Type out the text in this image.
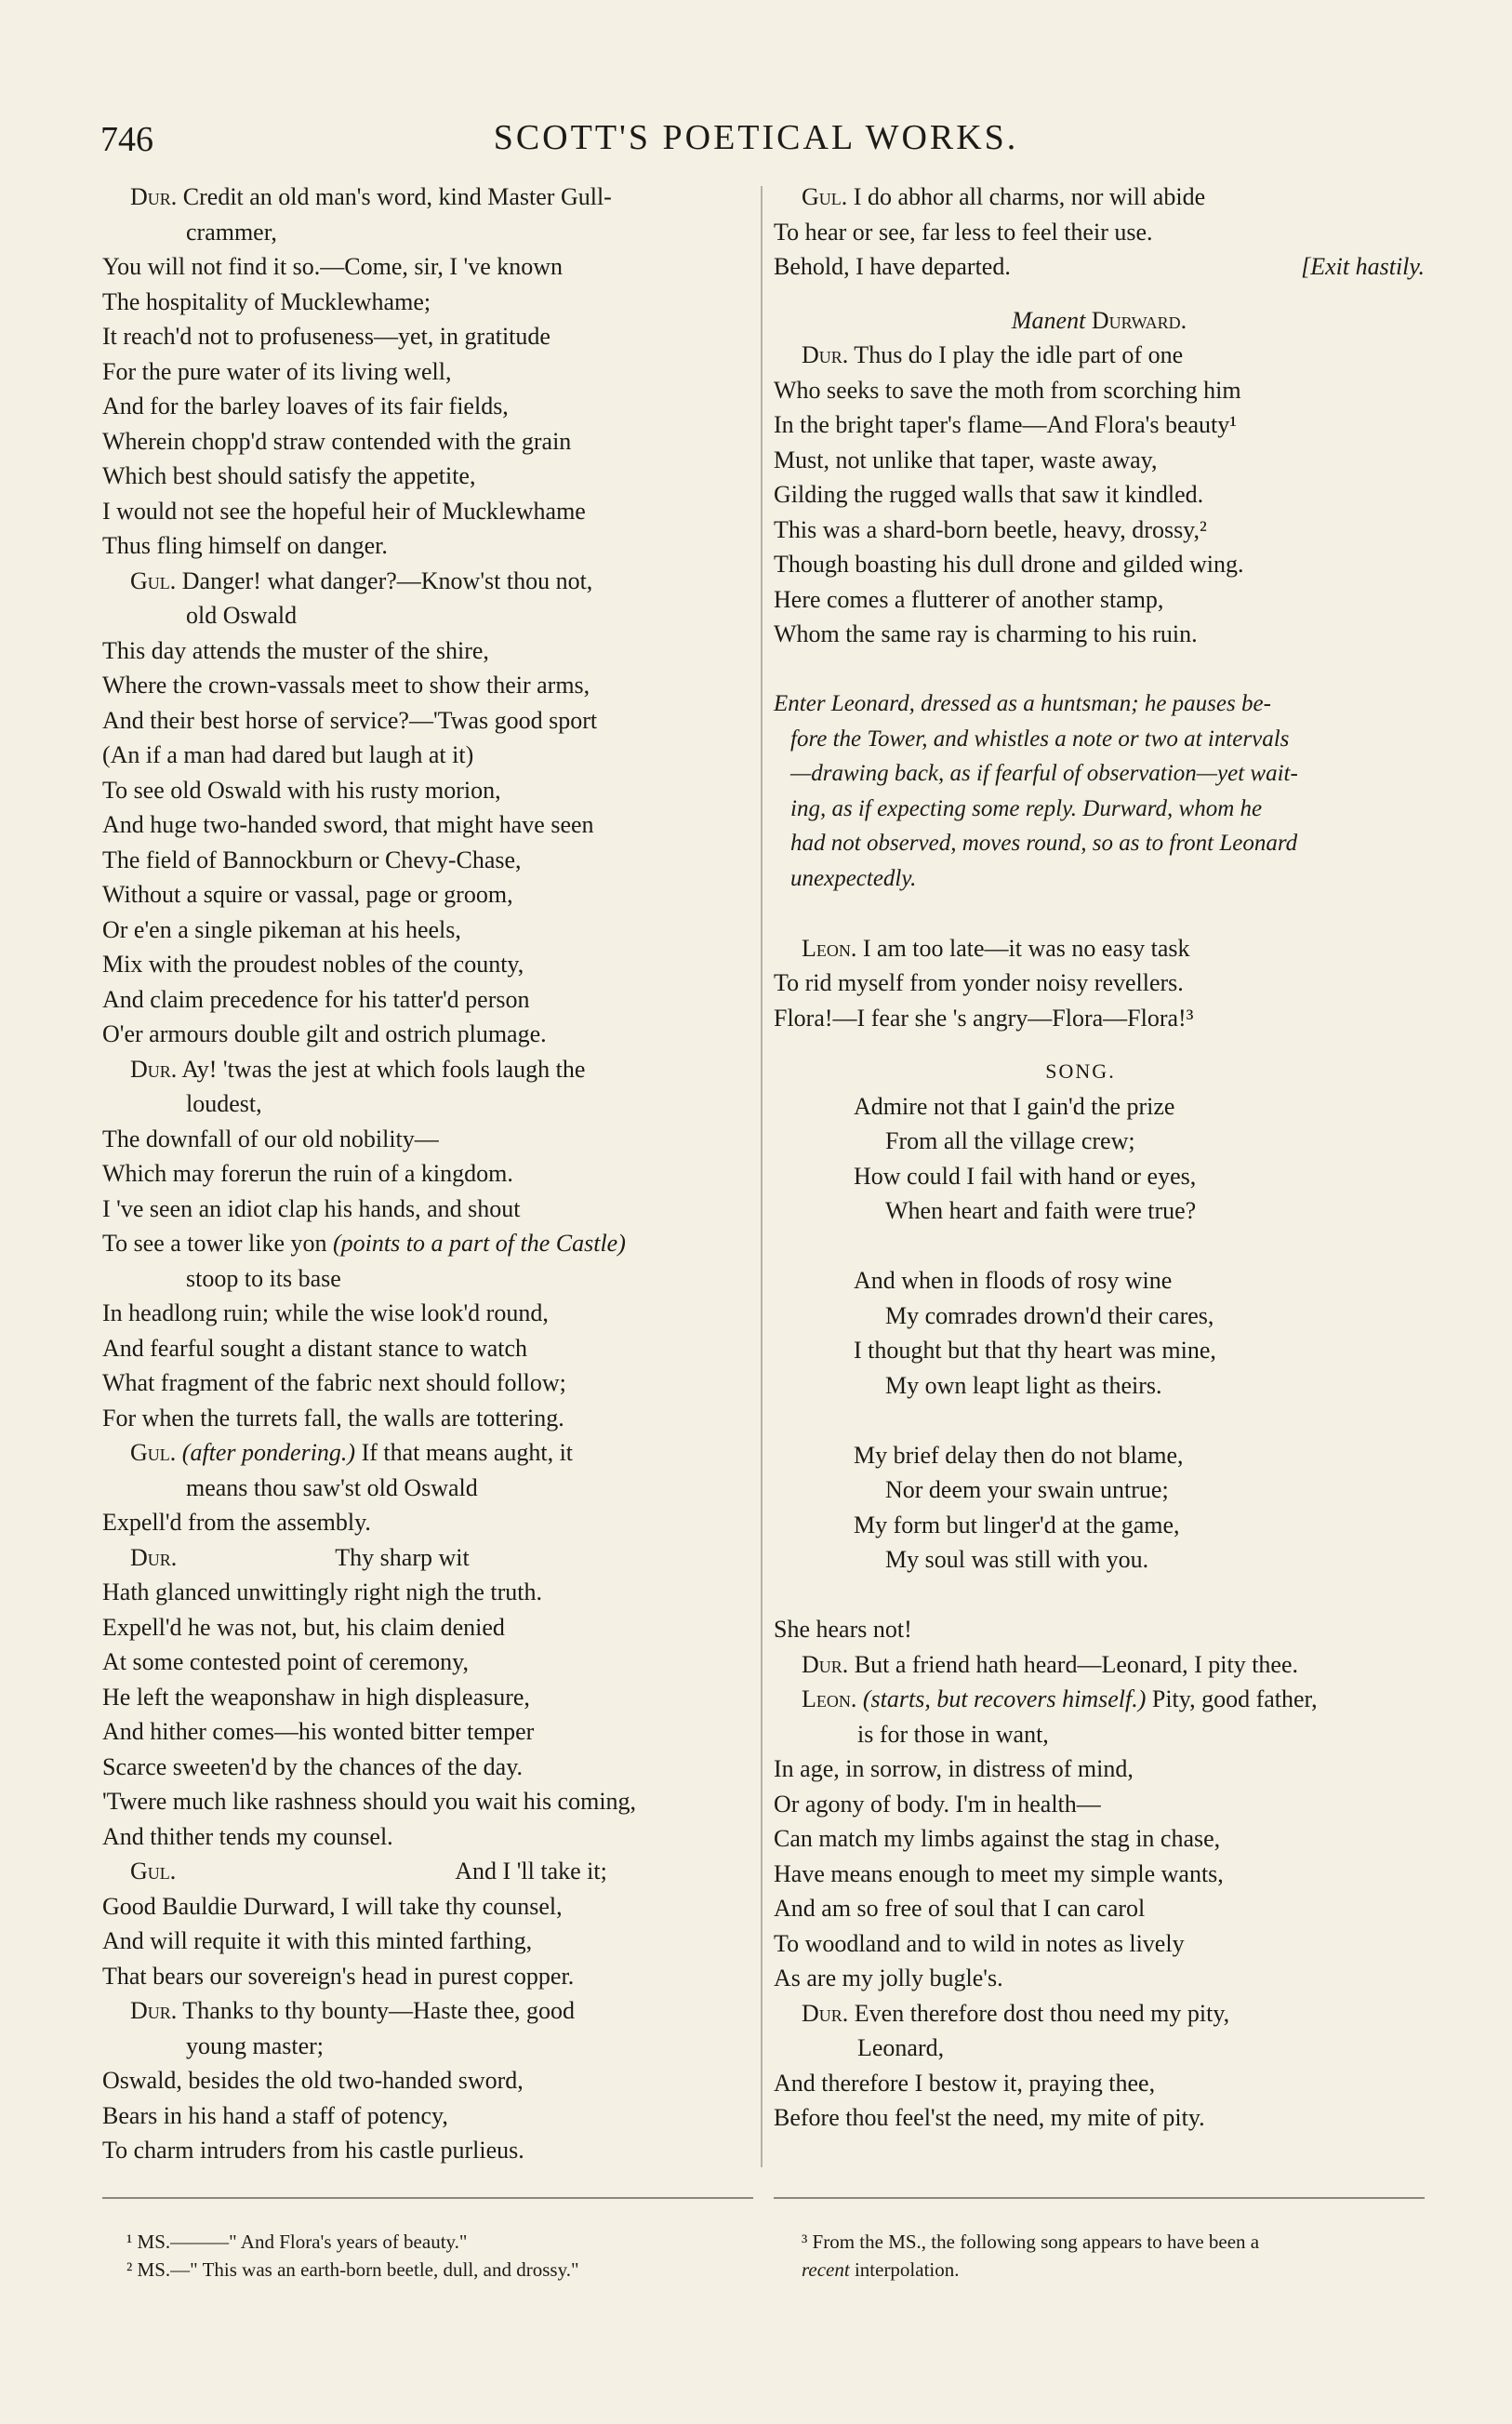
746	SCOTT'S POETICAL WORKS.
Dur. Credit an old man's word, kind Master Gull-
crammer,
You will not find it so.—Come, sir, I 've known
The hospitality of Mucklewhame;
It reach'd not to profuseness—yet, in gratitude
For the pure water of its living well,
And for the barley loaves of its fair fields,
Wherein chopp'd straw contended with the grain
Which best should satisfy the appetite,
I would not see the hopeful heir of Mucklewhame
Thus fling himself on danger.
Gul. Danger! what danger?—Know'st thou not,
old Oswald
This day attends the muster of the shire,
Where the crown-vassals meet to show their arms,
And their best horse of service?—'Twas good sport
(An if a man had dared but laugh at it)
To see old Oswald with his rusty morion,
And huge two-handed sword, that might have seen
The field of Bannockburn or Chevy-Chase,
Without a squire or vassal, page or groom,
Or e'en a single pikeman at his heels,
Mix with the proudest nobles of the county,
And claim precedence for his tatter'd person
O'er armours double gilt and ostrich plumage.
Dur. Ay! 'twas the jest at which fools laugh the
loudest,
The downfall of our old nobility—
Which may forerun the ruin of a kingdom.
I 've seen an idiot clap his hands, and shout
To see a tower like yon (points to a part of the Castle)
stoop to its base
In headlong ruin; while the wise look'd round,
And fearful sought a distant stance to watch
What fragment of the fabric next should follow;
For when the turrets fall, the walls are tottering.
Gul. (after pondering.) If that means aught, it
means thou saw'st old Oswald
Expell'd from the assembly.
Dur.	Thy sharp wit
Hath glanced unwittingly right nigh the truth.
Expell'd he was not, but, his claim denied
At some contested point of ceremony,
He left the weaponshaw in high displeasure,
And hither comes—his wonted bitter temper
Scarce sweeten'd by the chances of the day.
'Twere much like rashness should you wait his coming,
And thither tends my counsel.
Gul.	And I 'll take it;
Good Bauldie Durward, I will take thy counsel,
And will requite it with this minted farthing,
That bears our sovereign's head in purest copper.
Dur. Thanks to thy bounty—Haste thee, good
young master;
Oswald, besides the old two-handed sword,
Bears in his hand a staff of potency,
To charm intruders from his castle purlieus.
Gul. I do abhor all charms, nor will abide
To hear or see, far less to feel their use.
Behold, I have departed.	[Exit hastily.
Manent Durward.
Dur. Thus do I play the idle part of one
Who seeks to save the moth from scorching him
In the bright taper's flame—And Flora's beauty¹
Must, not unlike that taper, waste away,
Gilding the rugged walls that saw it kindled.
This was a shard-born beetle, heavy, drossy,²
Though boasting his dull drone and gilded wing.
Here comes a flutterer of another stamp,
Whom the same ray is charming to his ruin.
Enter Leonard, dressed as a huntsman; he pauses be-
fore the Tower, and whistles a note or two at intervals
—drawing back, as if fearful of observation—yet wait-
ing, as if expecting some reply. Durward, whom he
had not observed, moves round, so as to front Leonard
unexpectedly.
Leon. I am too late—it was no easy task
To rid myself from yonder noisy revellers.
Flora!—I fear she 's angry—Flora—Flora!³
SONG.
Admire not that I gain'd the prize
From all the village crew;
How could I fail with hand or eyes,
When heart and faith were true?
And when in floods of rosy wine
My comrades drown'd their cares,
I thought but that thy heart was mine,
My own leapt light as theirs.
My brief delay then do not blame,
Nor deem your swain untrue;
My form but linger'd at the game,
My soul was still with you.
She hears not!
Dur. But a friend hath heard—Leonard, I pity thee.
Leon. (starts, but recovers himself.) Pity, good father,
is for those in want,
In age, in sorrow, in distress of mind,
Or agony of body. I'm in health—
Can match my limbs against the stag in chase,
Have means enough to meet my simple wants,
And am so free of soul that I can carol
To woodland and to wild in notes as lively
As are my jolly bugle's.
Dur. Even therefore dost thou need my pity,
Leonard,
And therefore I bestow it, praying thee,
Before thou feel'st the need, my mite of pity.
¹ MS.———" And Flora's years of beauty."
² MS.—" This was an earth-born beetle, dull, and drossy."
³ From the MS., the following song appears to have been a
recent interpolation.
